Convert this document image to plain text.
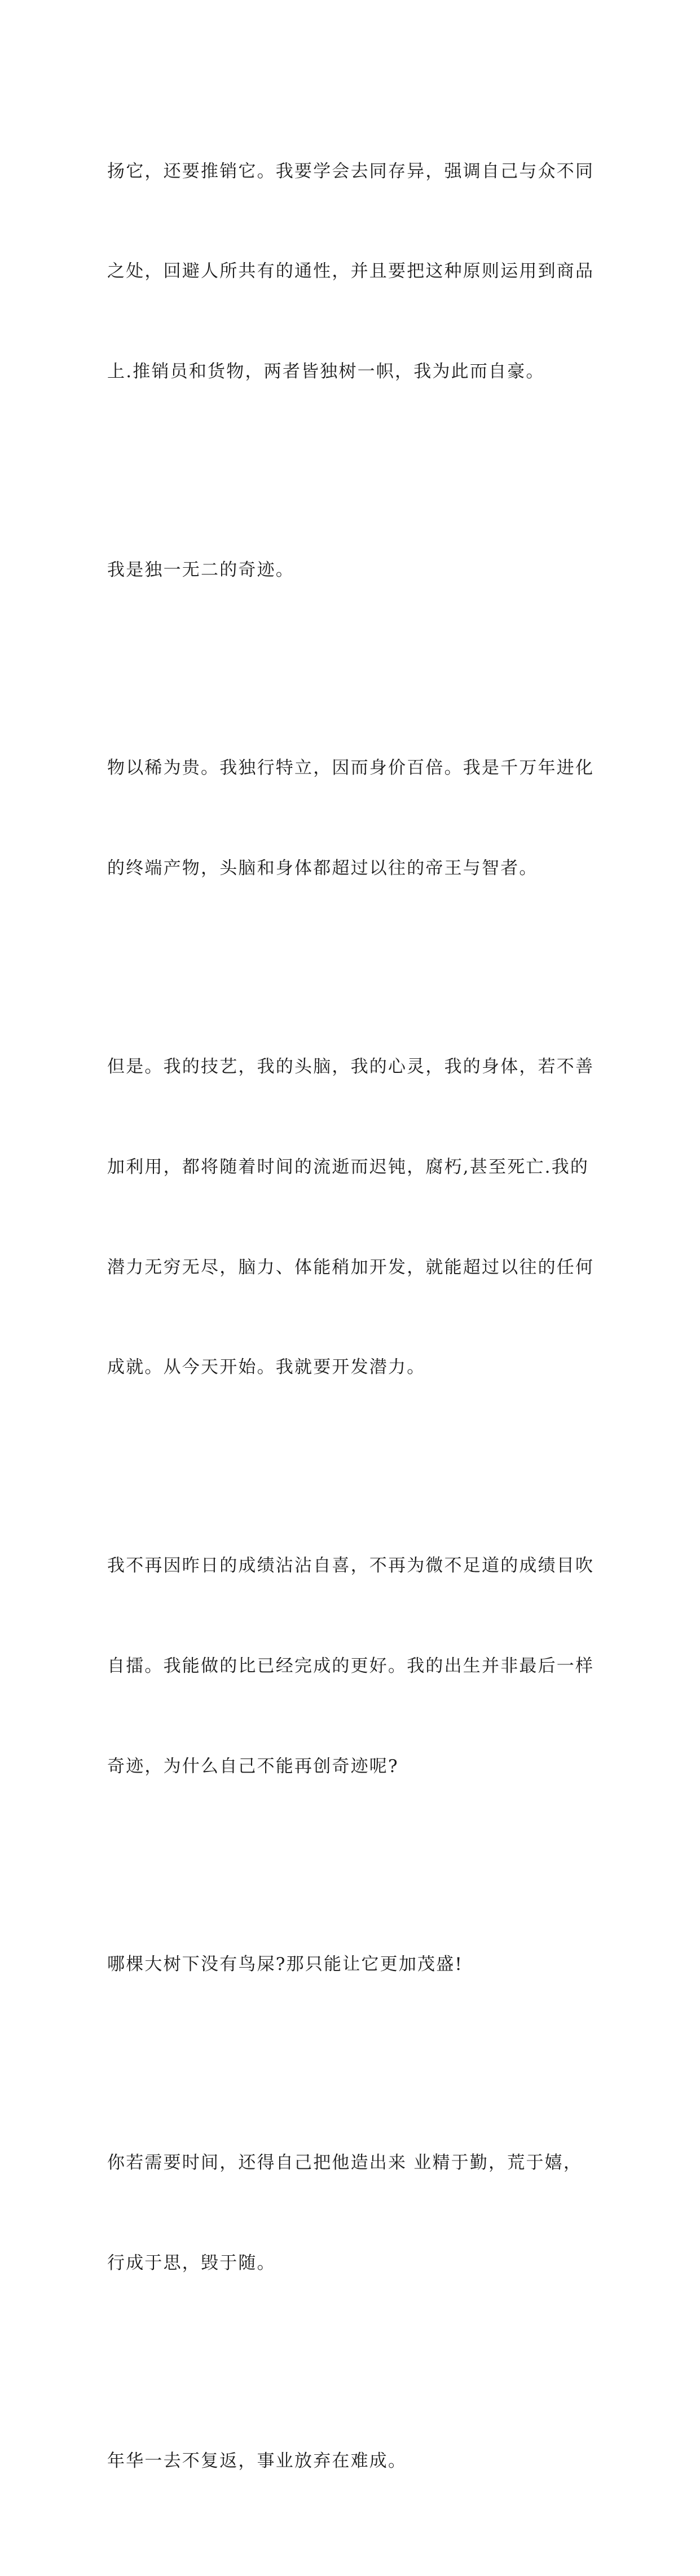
扬它，还要推销它。我要学会去同存异，强调自己与众不同

之处，回避人所共有的通性，并且要把这种原则运用到商品

上.推销员和货物，两者皆独树一帜，我为此而自豪。

我是独一无二的奇迹。

物以稀为贵。我独行特立，因而身价百倍。我是千万年进化

的终端产物，头脑和身体都超过以往的帝王与智者。

但是。我的技艺，我的头脑，我的心灵，我的身体，若不善

加利用，都将随着时间的流逝而迟钝，腐朽,甚至死亡.我的

潜力无穷无尽，脑力、体能稍加开发，就能超过以往的任何

成就。从今天开始。我就要开发潜力。

我不再因昨日的成绩沾沾自喜，不再为微不足道的成绩目吹

自擂。我能做的比已经完成的更好。我的出生并非最后一样

奇迹，为什么自己不能再创奇迹呢?

哪棵大树下没有鸟屎?那只能让它更加茂盛!

你若需要时间，还得自己把他造出来 业精于勤，荒于嬉，

行成于思，毁于随。

年华一去不复返，事业放弃在难成。
